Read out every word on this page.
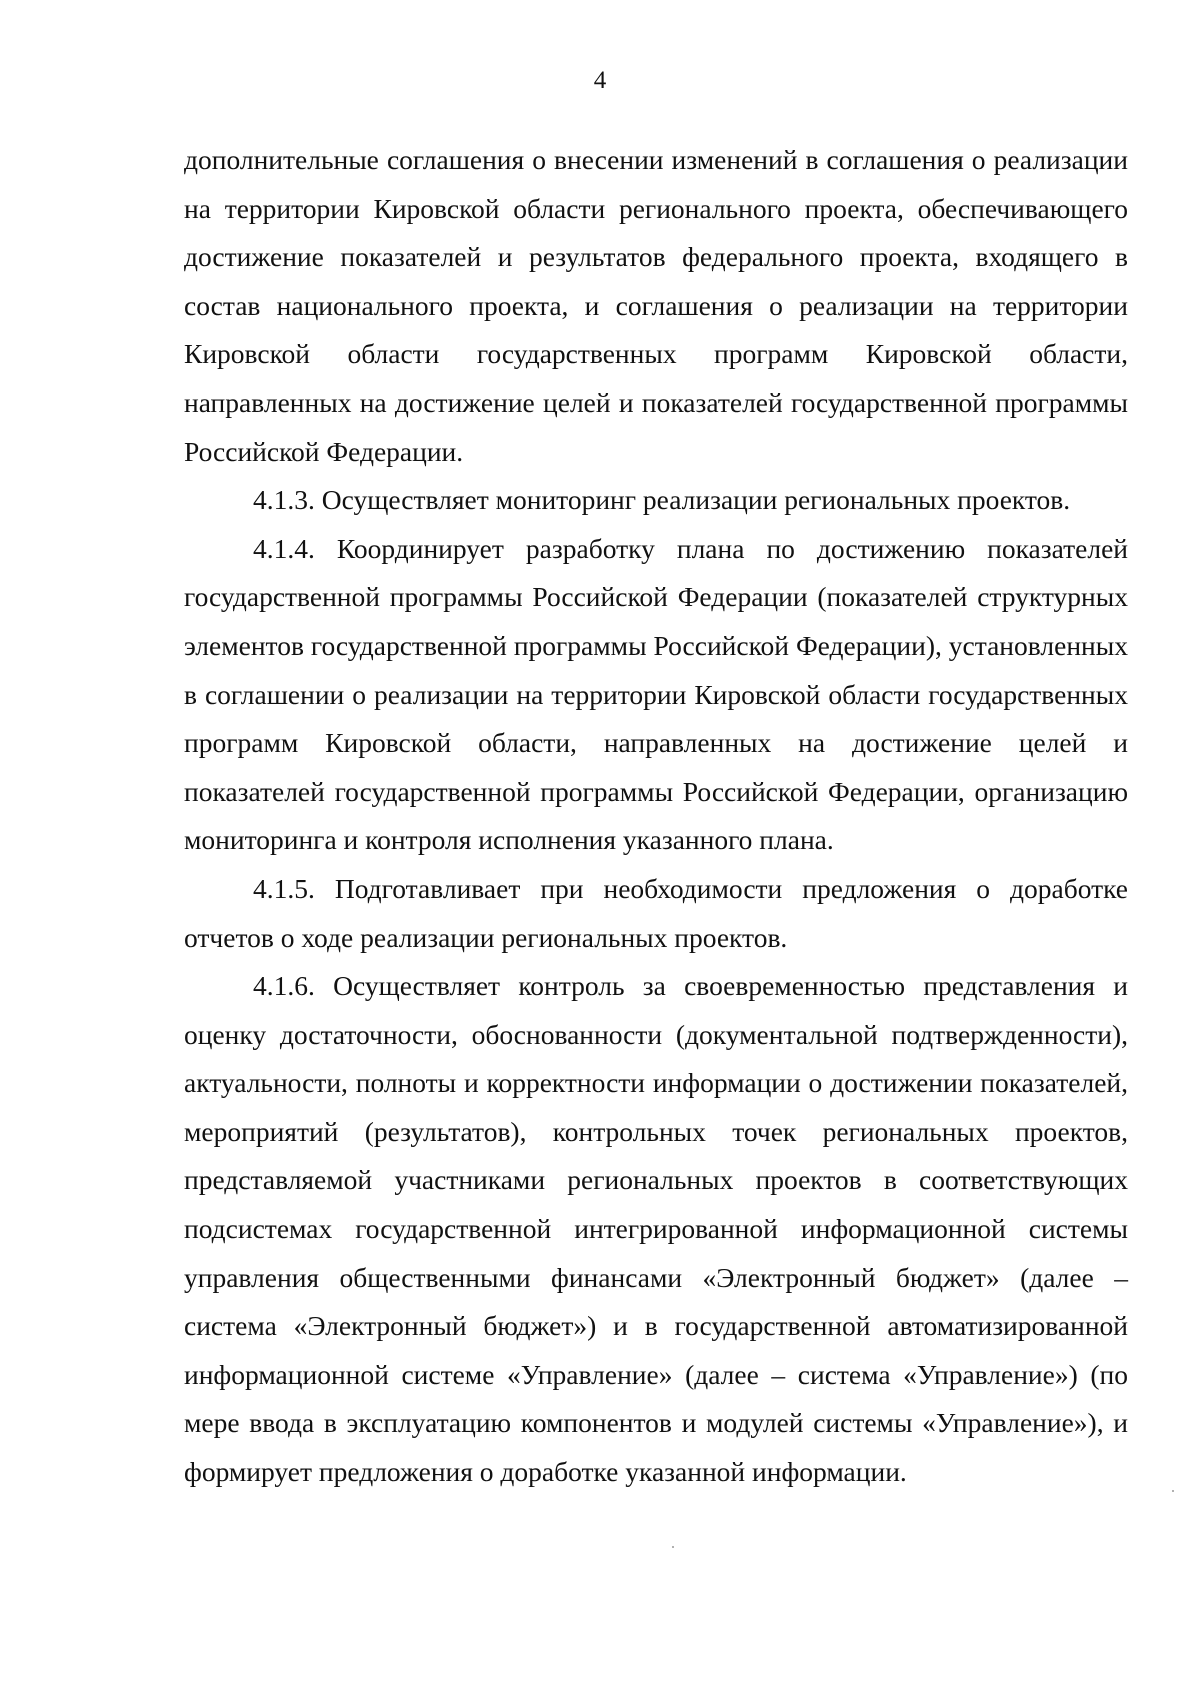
4

дополнительные соглашения о внесении изменений в соглашения о реализации на территории Кировской области регионального проекта, обеспечивающего достижение показателей и результатов федерального проекта, входящего в состав национального проекта, и соглашения о реализации на территории Кировской области государственных программ Кировской области, направленных на достижение целей и показателей государственной программы Российской Федерации.

4.1.3. Осуществляет мониторинг реализации региональных проектов.

4.1.4. Координирует разработку плана по достижению показателей государственной программы Российской Федерации (показателей структурных элементов государственной программы Российской Федерации), установленных в соглашении о реализации на территории Кировской области государственных программ Кировской области, направленных на достижение целей и показателей государственной программы Российской Федерации, организацию мониторинга и контроля исполнения указанного плана.

4.1.5. Подготавливает при необходимости предложения о доработке отчетов о ходе реализации региональных проектов.

4.1.6. Осуществляет контроль за своевременностью представления и оценку достаточности, обоснованности (документальной подтвержденности), актуальности, полноты и корректности информации о достижении показателей, мероприятий (результатов), контрольных точек региональных проектов, представляемой участниками региональных проектов в соответствующих подсистемах государственной интегрированной информационной системы управления общественными финансами «Электронный бюджет» (далее – система «Электронный бюджет») и в государственной автоматизированной информационной системе «Управление» (далее – система «Управление») (по мере ввода в эксплуатацию компонентов и модулей системы «Управление»), и формирует предложения о доработке указанной информации.
